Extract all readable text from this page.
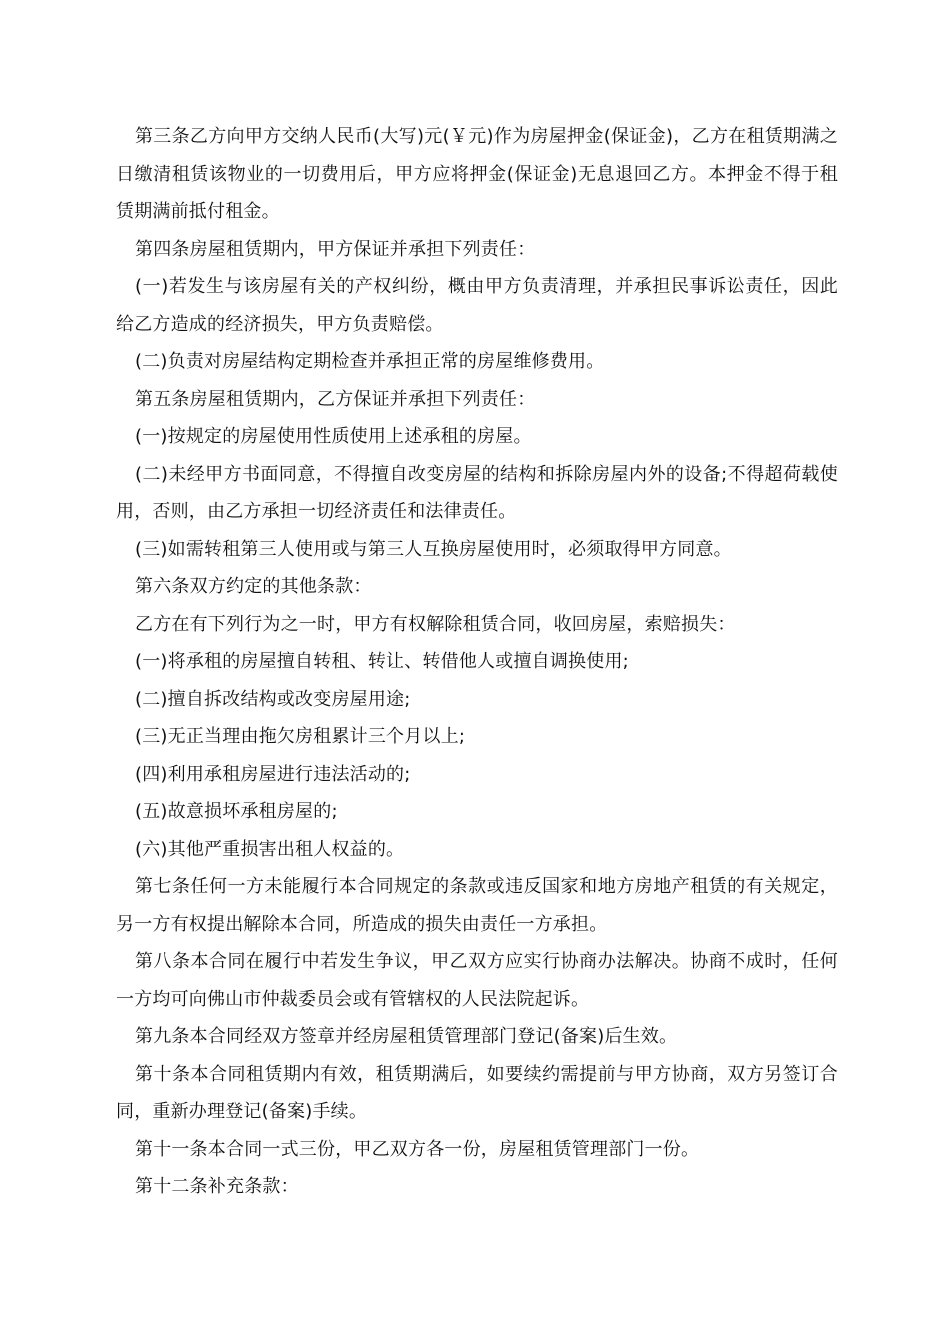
第三条乙方向甲方交纳人民币(大写)元(￥元)作为房屋押金(保证金)，乙方在租赁期满之日缴清租赁该物业的一切费用后，甲方应将押金(保证金)无息退回乙方。本押金不得于租赁期满前抵付租金。

第四条房屋租赁期内，甲方保证并承担下列责任：

(一)若发生与该房屋有关的产权纠纷，概由甲方负责清理，并承担民事诉讼责任，因此给乙方造成的经济损失，甲方负责赔偿。

(二)负责对房屋结构定期检查并承担正常的房屋维修费用。

第五条房屋租赁期内，乙方保证并承担下列责任：

(一)按规定的房屋使用性质使用上述承租的房屋。

(二)未经甲方书面同意，不得擅自改变房屋的结构和拆除房屋内外的设备;不得超荷载使用，否则，由乙方承担一切经济责任和法律责任。

(三)如需转租第三人使用或与第三人互换房屋使用时，必须取得甲方同意。

第六条双方约定的其他条款：

乙方在有下列行为之一时，甲方有权解除租赁合同，收回房屋，索赔损失：

(一)将承租的房屋擅自转租、转让、转借他人或擅自调换使用;

(二)擅自拆改结构或改变房屋用途;

(三)无正当理由拖欠房租累计三个月以上;

(四)利用承租房屋进行违法活动的;

(五)故意损坏承租房屋的;

(六)其他严重损害出租人权益的。

第七条任何一方未能履行本合同规定的条款或违反国家和地方房地产租赁的有关规定，另一方有权提出解除本合同，所造成的损失由责任一方承担。

第八条本合同在履行中若发生争议，甲乙双方应实行协商办法解决。协商不成时，任何一方均可向佛山市仲裁委员会或有管辖权的人民法院起诉。

第九条本合同经双方签章并经房屋租赁管理部门登记(备案)后生效。

第十条本合同租赁期内有效，租赁期满后，如要续约需提前与甲方协商，双方另签订合同，重新办理登记(备案)手续。

第十一条本合同一式三份，甲乙双方各一份，房屋租赁管理部门一份。

第十二条补充条款：
